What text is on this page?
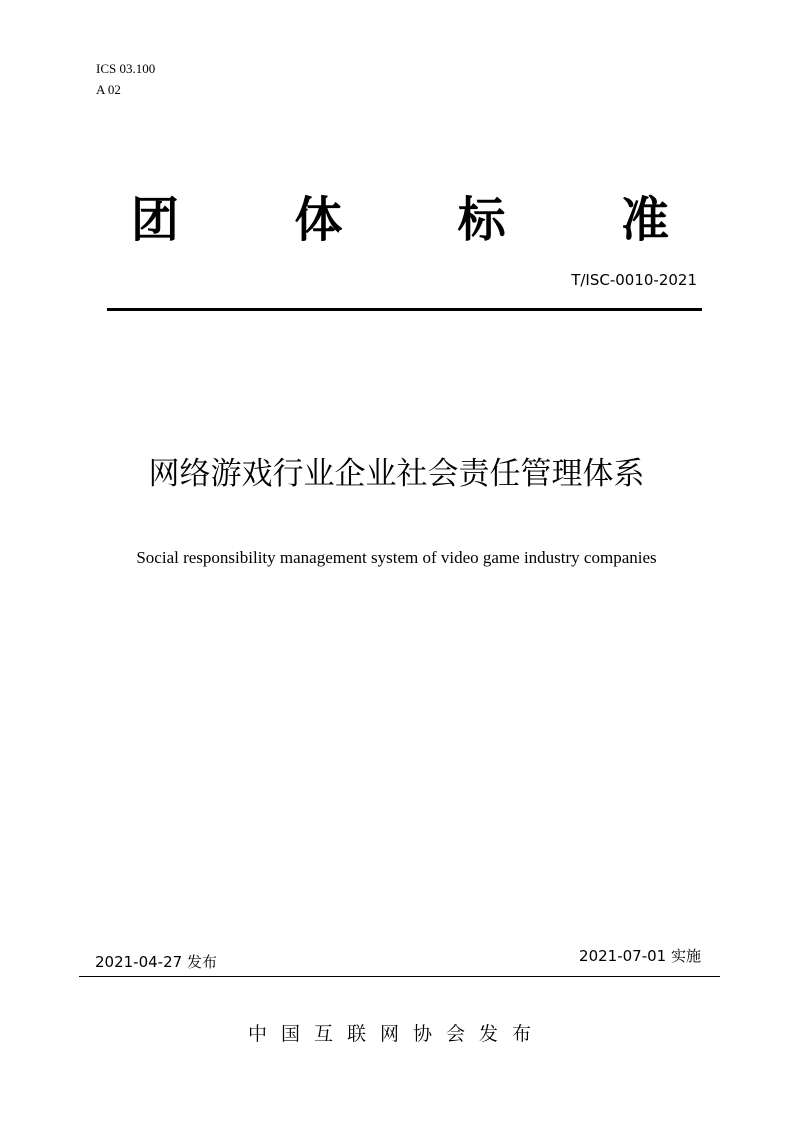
ICS 03.100
A 02
团	体	标	准
T/ISC-0010-2021
网络游戏行业企业社会责任管理体系
Social responsibility management system of video game industry companies
2021-04-27 发布	2021-07-01 实施
中国互联网协会发布
